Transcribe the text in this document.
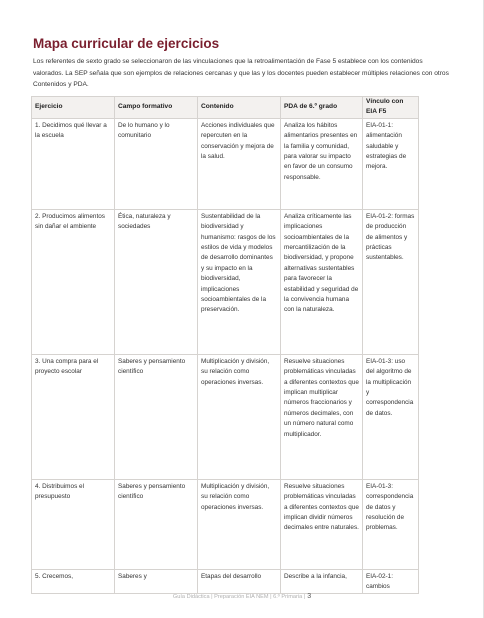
Mapa curricular de ejercicios
Los referentes de sexto grado se seleccionaron de las vinculaciones que la retroalimentación de Fase 5 establece con los contenidos valorados. La SEP señala que son ejemplos de relaciones cercanas y que las y los docentes pueden establecer múltiples relaciones con otros Contenidos y PDA.
Ejercicio	Campo formativo	Contenido	PDA de 6.º grado	Vínculo con EIA F5
1. Decidimos qué llevar a la escuela	De lo humano y lo comunitario	Acciones individuales que repercuten en la conservación y mejora de la salud.	Analiza los hábitos alimentarios presentes en la familia y comunidad, para valorar su impacto en favor de un consumo responsable.	EIA-01-1: alimentación saludable y estrategias de mejora.
2. Producimos alimentos sin dañar el ambiente	Ética, naturaleza y sociedades	Sustentabilidad de la biodiversidad y humanismo: rasgos de los estilos de vida y modelos de desarrollo dominantes y su impacto en la biodiversidad, implicaciones socioambientales de la preservación.	Analiza críticamente las implicaciones socioambientales de la mercantilización de la biodiversidad, y propone alternativas sustentables para favorecer la estabilidad y seguridad de la convivencia humana con la naturaleza.	EIA-01-2: formas de producción de alimentos y prácticas sustentables.
3. Una compra para el proyecto escolar	Saberes y pensamiento científico	Multiplicación y división, su relación como operaciones inversas.	Resuelve situaciones problemáticas vinculadas a diferentes contextos que implican multiplicar números fraccionarios y números decimales, con un número natural como multiplicador.	EIA-01-3: uso del algoritmo de la multiplicación y correspondencia de datos.
4. Distribuimos el presupuesto	Saberes y pensamiento científico	Multiplicación y división, su relación como operaciones inversas.	Resuelve situaciones problemáticas vinculadas a diferentes contextos que implican dividir números decimales entre naturales.	EIA-01-3: correspondencia de datos y resolución de problemas.
5. Crecemos,	Saberes y	Etapas del desarrollo	Describe a la infancia,	EIA-02-1: cambios
Guía Didáctica | Preparación EIA NEM | 6.º Primaria | 3
